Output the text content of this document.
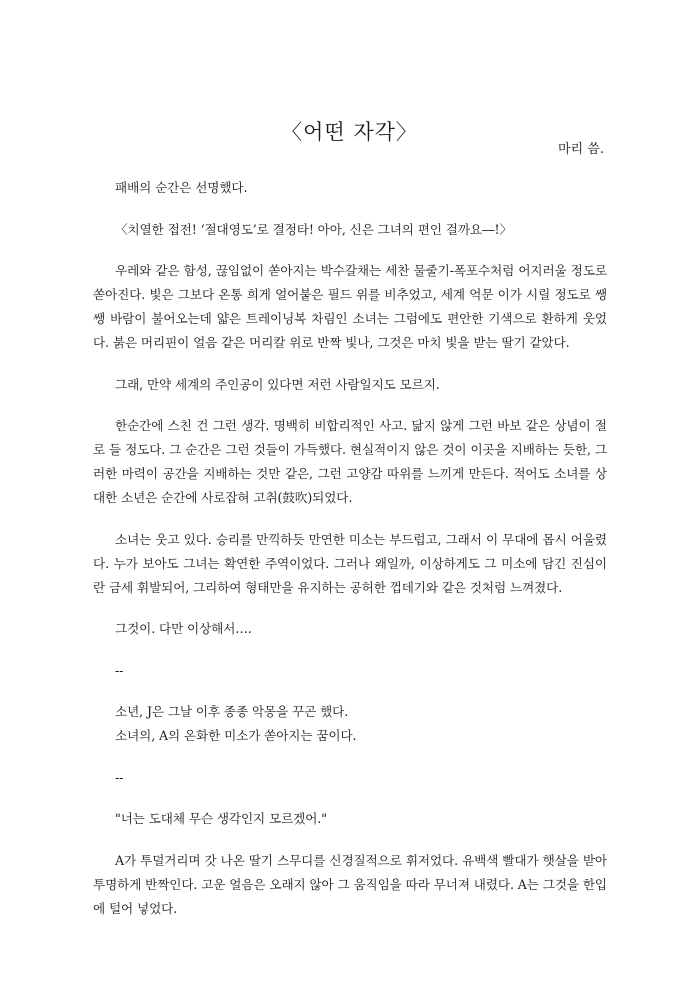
〈어떤 자각〉

마리 씀.

패배의 순간은 선명했다.

〈치열한 접전! ‘절대영도’로 결정타! 아아, 신은 그녀의 편인 걸까요―!〉

우레와 같은 함성, 끊임없이 쏟아지는 박수갈채는 세찬 물줄기-폭포수처럼 어지러울 정도로 쏟아진다. 빛은 그보다 온통 희게 얼어붙은 필드 위를 비추었고, 세계 억문 이가 시릴 정도로 쌩쌩 바람이 불어오는데 얇은 트레이닝복 차림인 소녀는 그럼에도 편안한 기색으로 환하게 웃었다. 붉은 머리핀이 얼음 같은 머리칼 위로 반짝 빛나, 그것은 마치 빛을 받는 딸기 같았다.

그래, 만약 세계의 주인공이 있다면 저런 사람일지도 모르지.

한순간에 스친 건 그런 생각. 명백히 비합리적인 사고. 닮지 않게 그런 바보 같은 상념이 절로 들 정도다. 그 순간은 그런 것들이 가득했다. 현실적이지 않은 것이 이곳을 지배하는 듯한, 그러한 마력이 공간을 지배하는 것만 같은, 그런 고양감 따위를 느끼게 만든다. 적어도 소녀를 상대한 소년은 순간에 사로잡혀 고취(鼓吹)되었다.

소녀는 웃고 있다. 승리를 만끽하듯 만연한 미소는 부드럽고, 그래서 이 무대에 몹시 어울렸다. 누가 보아도 그녀는 확연한 주역이었다. 그러나 왜일까, 이상하게도 그 미소에 담긴 진심이란 금세 휘발되어, 그리하여 형태만을 유지하는 공허한 껍데기와 같은 것처럼 느껴졌다.

그것이. 다만 이상해서….

--

소년, J은 그날 이후 종종 악몽을 꾸곤 했다.

소녀의, A의 온화한 미소가 쏟아지는 꿈이다.

--

"너는 도대체 무슨 생각인지 모르겠어."

A가 투덜거리며 갓 나온 딸기 스무디를 신경질적으로 휘저었다. 유백색 빨대가 햇살을 받아 투명하게 반짝인다. 고운 얼음은 오래지 않아 그 움직임을 따라 무너져 내렸다. A는 그것을 한입에 털어 넣었다.
